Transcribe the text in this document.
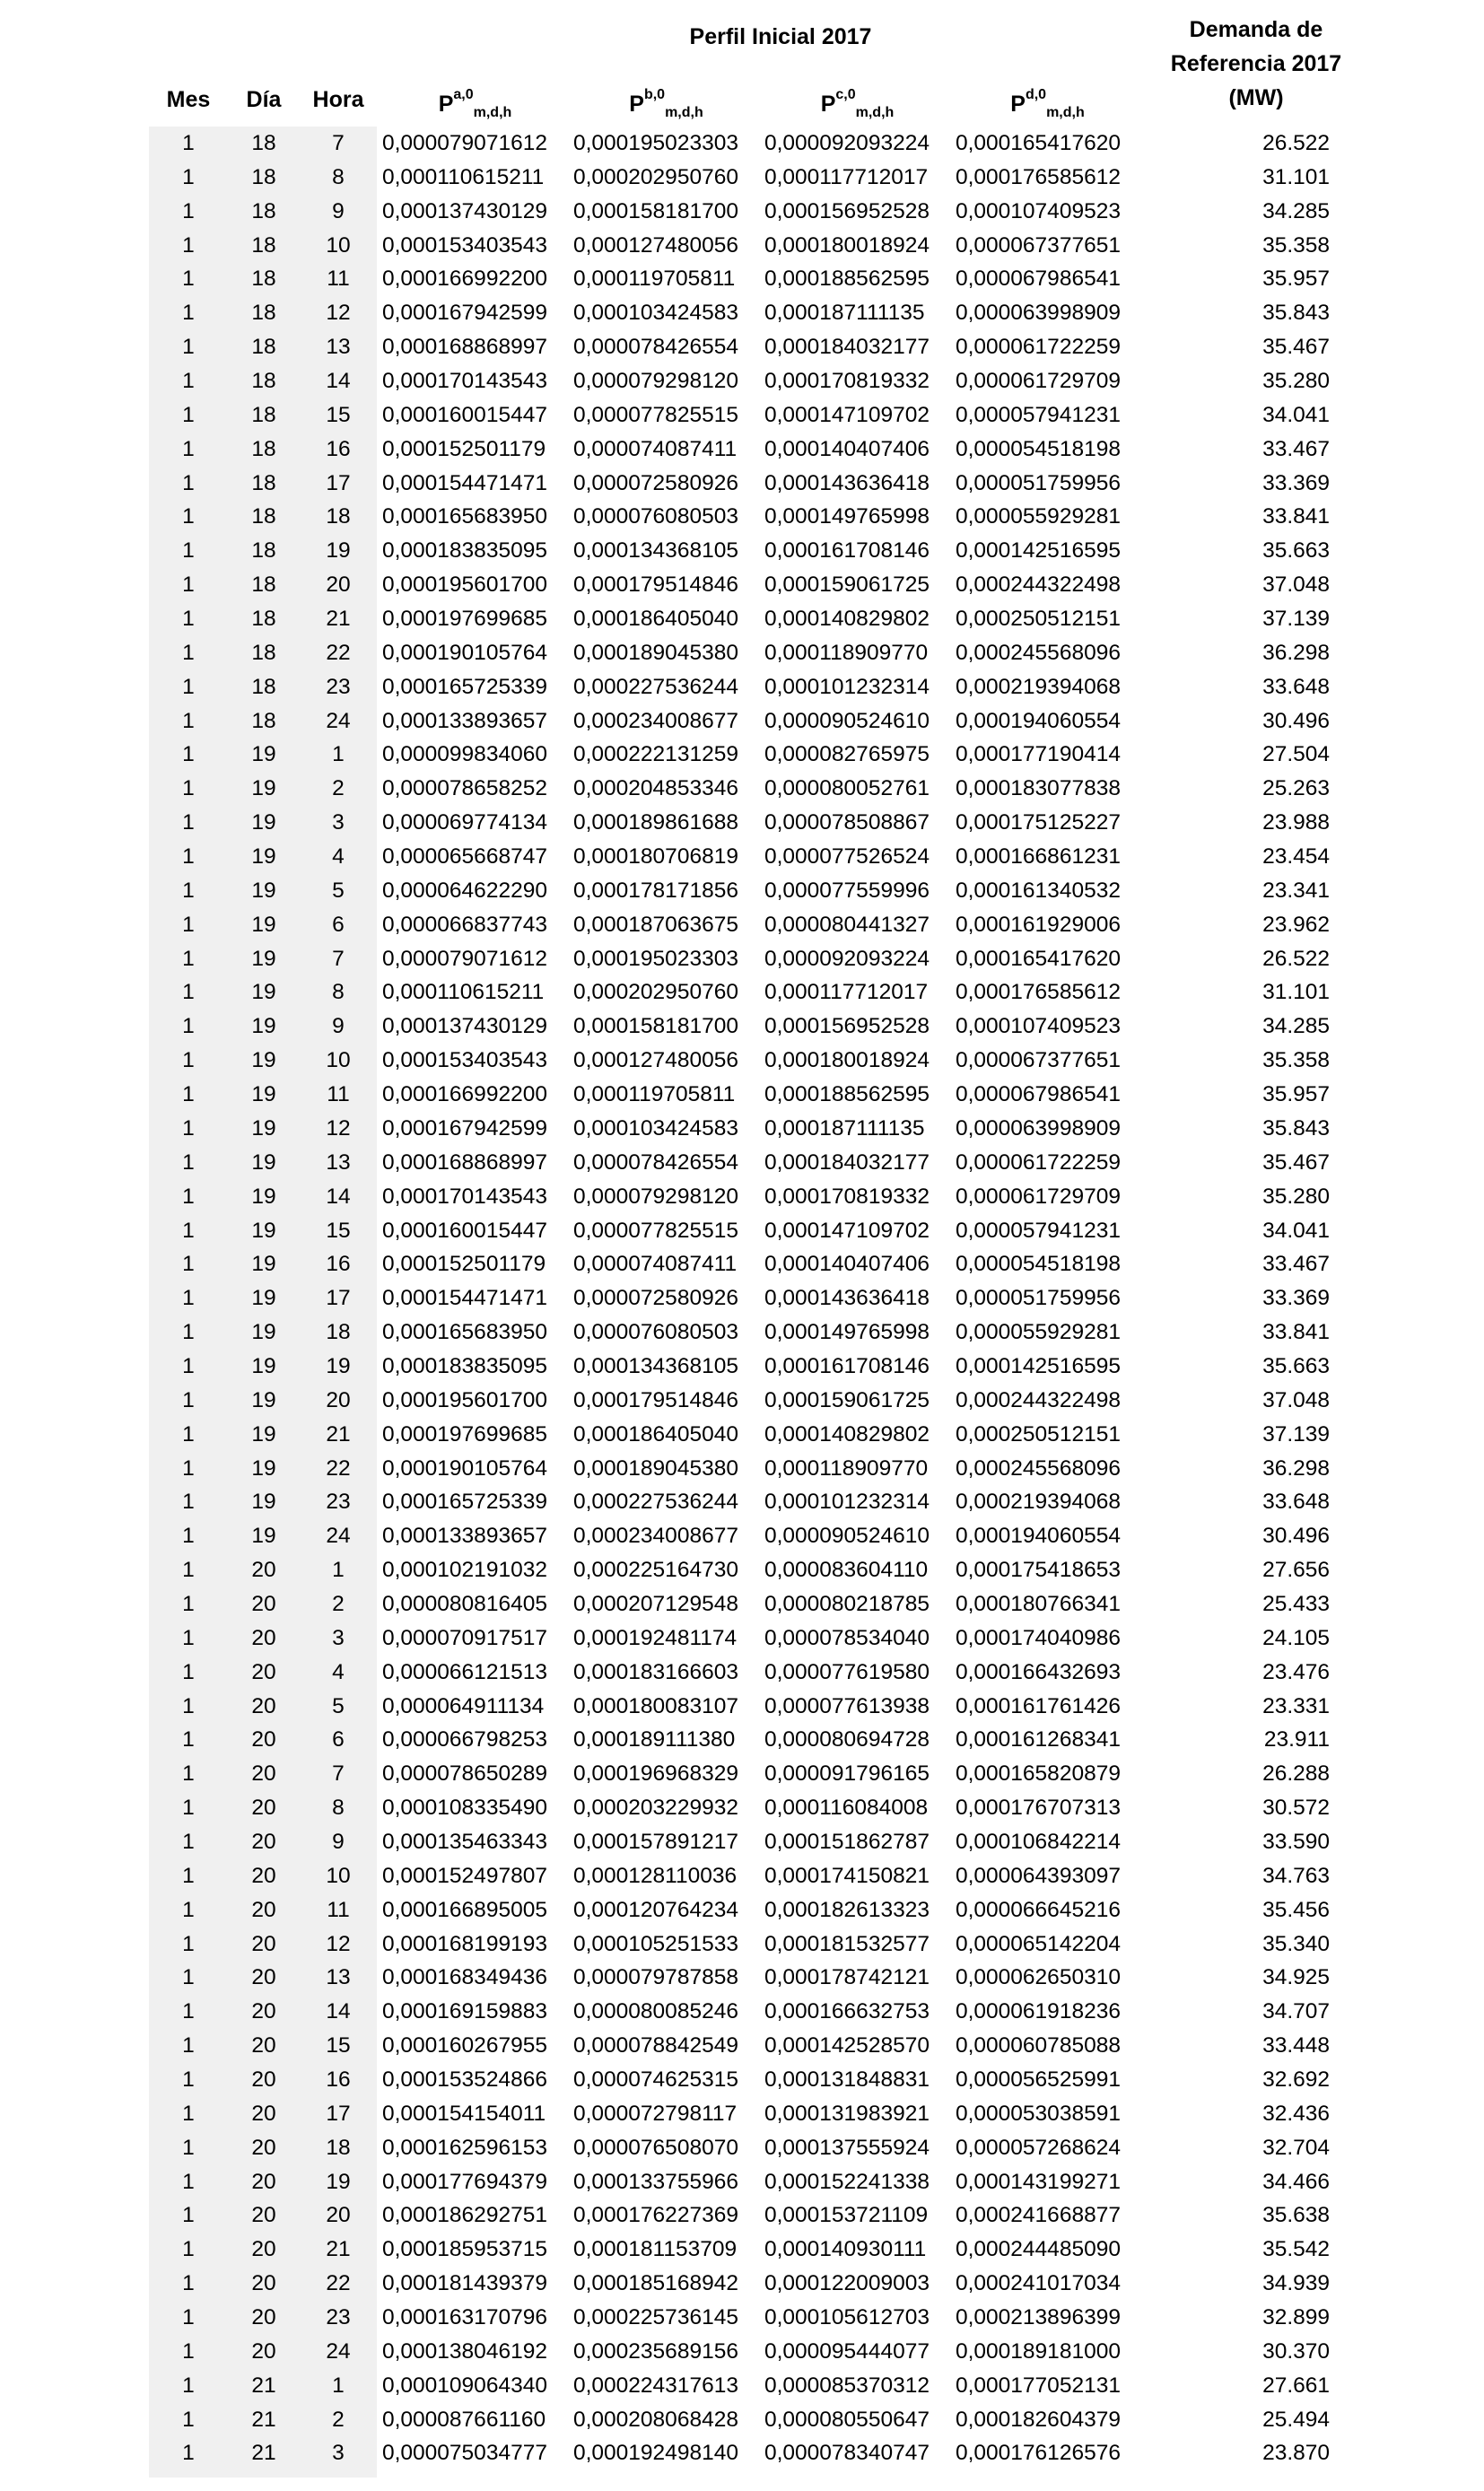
Perfil Inicial 2017	Demanda de
Referencia 2017
(MW)
Mes	Día	Hora	P$^{a,0}_{m,d,h}$	P$^{b,0}_{m,d,h}$	P$^{c,0}_{m,d,h}$	P$^{d,0}_{m,d,h}$
1	18	7	0,000079071612	0,000195023303	0,000092093224	0,000165417620	26.522
1	18	8	0,000110615211	0,000202950760	0,000117712017	0,000176585612	31.101
1	18	9	0,000137430129	0,000158181700	0,000156952528	0,000107409523	34.285
1	18	10	0,000153403543	0,000127480056	0,000180018924	0,000067377651	35.358
1	18	11	0,000166992200	0,000119705811	0,000188562595	0,000067986541	35.957
1	18	12	0,000167942599	0,000103424583	0,000187111135	0,000063998909	35.843
1	18	13	0,000168868997	0,000078426554	0,000184032177	0,000061722259	35.467
1	18	14	0,000170143543	0,000079298120	0,000170819332	0,000061729709	35.280
1	18	15	0,000160015447	0,000077825515	0,000147109702	0,000057941231	34.041
1	18	16	0,000152501179	0,000074087411	0,000140407406	0,000054518198	33.467
1	18	17	0,000154471471	0,000072580926	0,000143636418	0,000051759956	33.369
1	18	18	0,000165683950	0,000076080503	0,000149765998	0,000055929281	33.841
1	18	19	0,000183835095	0,000134368105	0,000161708146	0,000142516595	35.663
1	18	20	0,000195601700	0,000179514846	0,000159061725	0,000244322498	37.048
1	18	21	0,000197699685	0,000186405040	0,000140829802	0,000250512151	37.139
1	18	22	0,000190105764	0,000189045380	0,000118909770	0,000245568096	36.298
1	18	23	0,000165725339	0,000227536244	0,000101232314	0,000219394068	33.648
1	18	24	0,000133893657	0,000234008677	0,000090524610	0,000194060554	30.496
1	19	1	0,000099834060	0,000222131259	0,000082765975	0,000177190414	27.504
1	19	2	0,000078658252	0,000204853346	0,000080052761	0,000183077838	25.263
1	19	3	0,000069774134	0,000189861688	0,000078508867	0,000175125227	23.988
1	19	4	0,000065668747	0,000180706819	0,000077526524	0,000166861231	23.454
1	19	5	0,000064622290	0,000178171856	0,000077559996	0,000161340532	23.341
1	19	6	0,000066837743	0,000187063675	0,000080441327	0,000161929006	23.962
1	19	7	0,000079071612	0,000195023303	0,000092093224	0,000165417620	26.522
1	19	8	0,000110615211	0,000202950760	0,000117712017	0,000176585612	31.101
1	19	9	0,000137430129	0,000158181700	0,000156952528	0,000107409523	34.285
1	19	10	0,000153403543	0,000127480056	0,000180018924	0,000067377651	35.358
1	19	11	0,000166992200	0,000119705811	0,000188562595	0,000067986541	35.957
1	19	12	0,000167942599	0,000103424583	0,000187111135	0,000063998909	35.843
1	19	13	0,000168868997	0,000078426554	0,000184032177	0,000061722259	35.467
1	19	14	0,000170143543	0,000079298120	0,000170819332	0,000061729709	35.280
1	19	15	0,000160015447	0,000077825515	0,000147109702	0,000057941231	34.041
1	19	16	0,000152501179	0,000074087411	0,000140407406	0,000054518198	33.467
1	19	17	0,000154471471	0,000072580926	0,000143636418	0,000051759956	33.369
1	19	18	0,000165683950	0,000076080503	0,000149765998	0,000055929281	33.841
1	19	19	0,000183835095	0,000134368105	0,000161708146	0,000142516595	35.663
1	19	20	0,000195601700	0,000179514846	0,000159061725	0,000244322498	37.048
1	19	21	0,000197699685	0,000186405040	0,000140829802	0,000250512151	37.139
1	19	22	0,000190105764	0,000189045380	0,000118909770	0,000245568096	36.298
1	19	23	0,000165725339	0,000227536244	0,000101232314	0,000219394068	33.648
1	19	24	0,000133893657	0,000234008677	0,000090524610	0,000194060554	30.496
1	20	1	0,000102191032	0,000225164730	0,000083604110	0,000175418653	27.656
1	20	2	0,000080816405	0,000207129548	0,000080218785	0,000180766341	25.433
1	20	3	0,000070917517	0,000192481174	0,000078534040	0,000174040986	24.105
1	20	4	0,000066121513	0,000183166603	0,000077619580	0,000166432693	23.476
1	20	5	0,000064911134	0,000180083107	0,000077613938	0,000161761426	23.331
1	20	6	0,000066798253	0,000189111380	0,000080694728	0,000161268341	23.911
1	20	7	0,000078650289	0,000196968329	0,000091796165	0,000165820879	26.288
1	20	8	0,000108335490	0,000203229932	0,000116084008	0,000176707313	30.572
1	20	9	0,000135463343	0,000157891217	0,000151862787	0,000106842214	33.590
1	20	10	0,000152497807	0,000128110036	0,000174150821	0,000064393097	34.763
1	20	11	0,000166895005	0,000120764234	0,000182613323	0,000066645216	35.456
1	20	12	0,000168199193	0,000105251533	0,000181532577	0,000065142204	35.340
1	20	13	0,000168349436	0,000079787858	0,000178742121	0,000062650310	34.925
1	20	14	0,000169159883	0,000080085246	0,000166632753	0,000061918236	34.707
1	20	15	0,000160267955	0,000078842549	0,000142528570	0,000060785088	33.448
1	20	16	0,000153524866	0,000074625315	0,000131848831	0,000056525991	32.692
1	20	17	0,000154154011	0,000072798117	0,000131983921	0,000053038591	32.436
1	20	18	0,000162596153	0,000076508070	0,000137555924	0,000057268624	32.704
1	20	19	0,000177694379	0,000133755966	0,000152241338	0,000143199271	34.466
1	20	20	0,000186292751	0,000176227369	0,000153721109	0,000241668877	35.638
1	20	21	0,000185953715	0,000181153709	0,000140930111	0,000244485090	35.542
1	20	22	0,000181439379	0,000185168942	0,000122009003	0,000241017034	34.939
1	20	23	0,000163170796	0,000225736145	0,000105612703	0,000213896399	32.899
1	20	24	0,000138046192	0,000235689156	0,000095444077	0,000189181000	30.370
1	21	1	0,000109064340	0,000224317613	0,000085370312	0,000177052131	27.661
1	21	2	0,000087661160	0,000208068428	0,000080550647	0,000182604379	25.494
1	21	3	0,000075034777	0,000192498140	0,000078340747	0,000176126576	23.870
